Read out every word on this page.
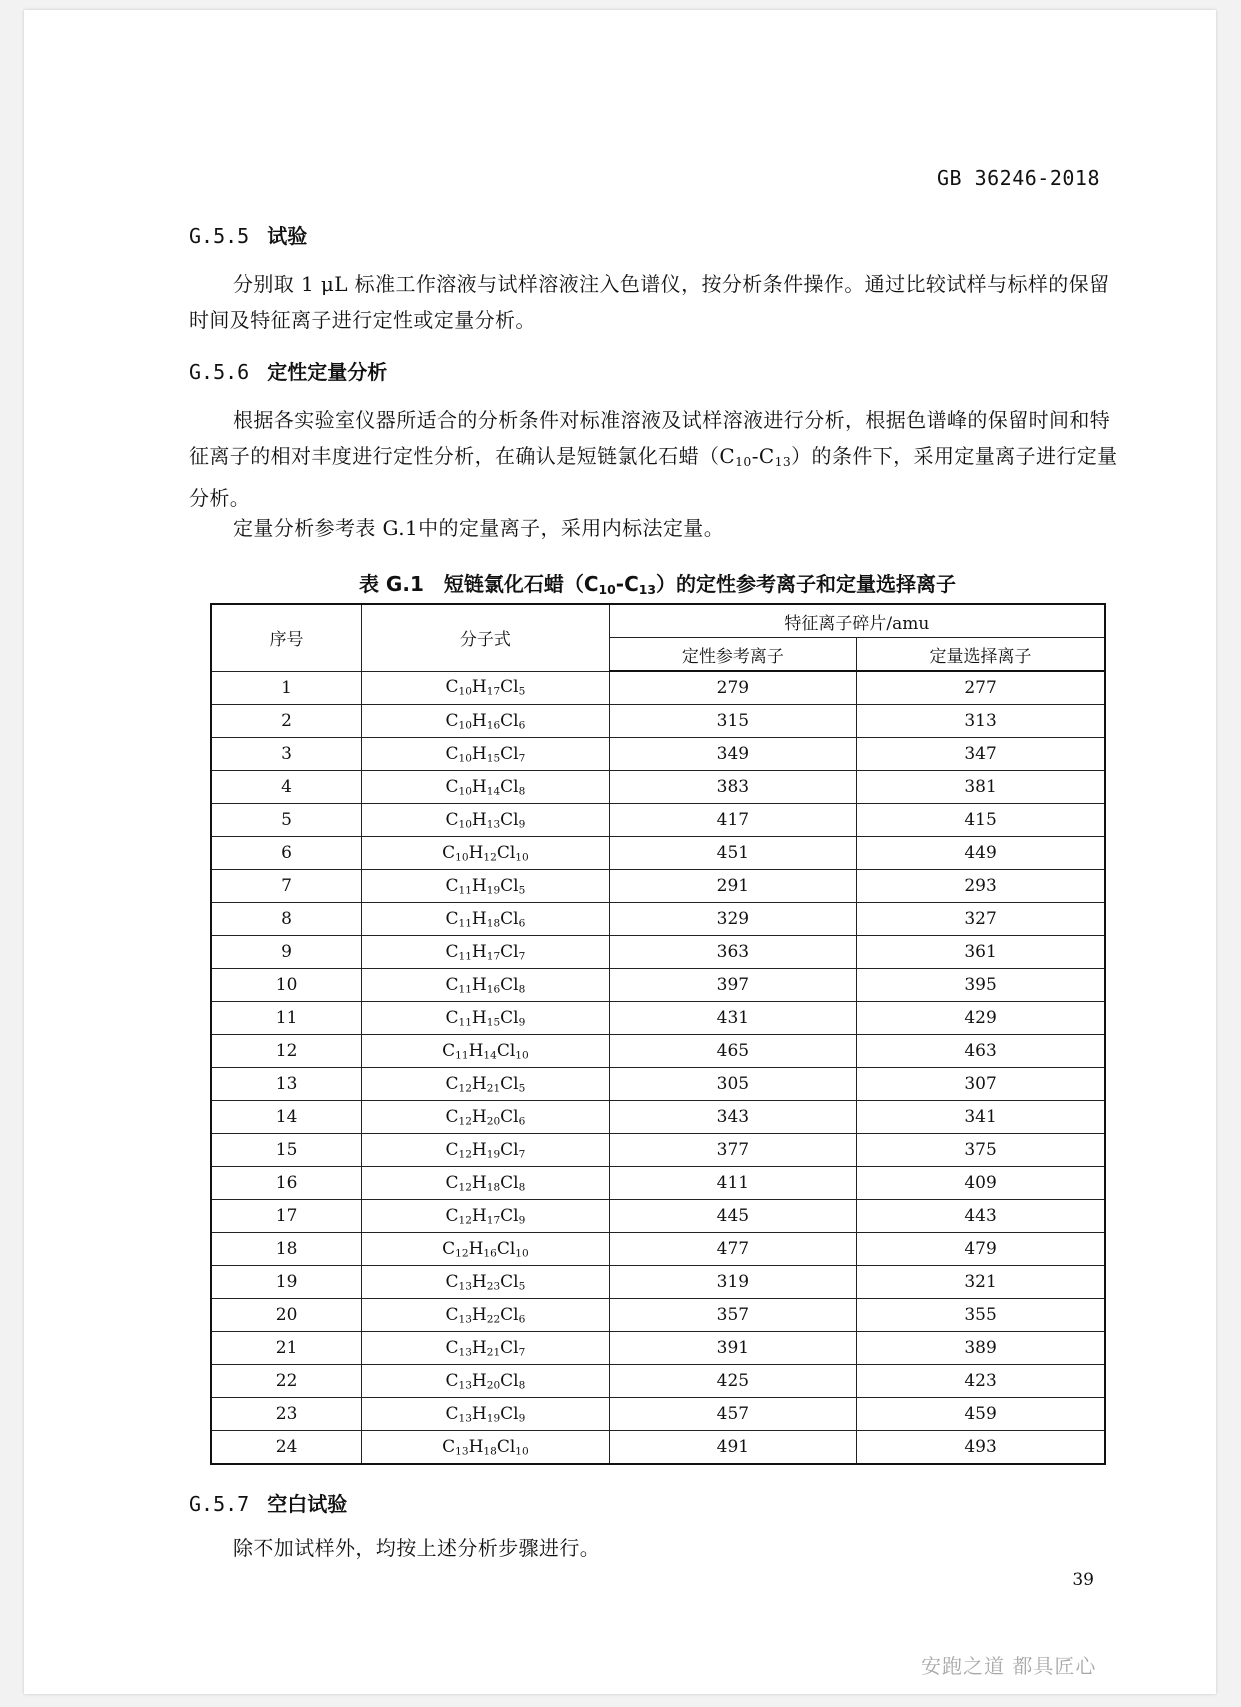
GB 36246-2018
G.5.5 试验
分别取 1 μL 标准工作溶液与试样溶液注入色谱仪，按分析条件操作。通过比较试样与标样的保留时间及特征离子进行定性或定量分析。
G.5.6 定性定量分析
根据各实验室仪器所适合的分析条件对标准溶液及试样溶液进行分析，根据色谱峰的保留时间和特征离子的相对丰度进行定性分析，在确认是短链氯化石蜡$(C_{10}-C_{13})$的条件下，采用定量离子进行定量分析。
定量分析参考表 G.1中的定量离子，采用内标法定量。
表 G.1　短链氯化石蜡$(C_{10}-C_{13})$的定性参考离子和定量选择离子
序号	分子式	特征离子碎片/amu	
		定性参考离子	定量选择离子
1	$C_{10}H_{17}Cl_5$	279	277
2	$C_{10}H_{16}Cl_6$	315	313
3	$C_{10}H_{15}Cl_7$	349	347
4	$C_{10}H_{14}Cl_8$	383	381
5	$C_{10}H_{13}Cl_9$	417	415
6	$C_{10}H_{12}Cl_{10}$	451	449
7	$C_{11}H_{19}Cl_5$	291	293
8	$C_{11}H_{18}Cl_6$	329	327
9	$C_{11}H_{17}Cl_7$	363	361
10	$C_{11}H_{16}Cl_8$	397	395
11	$C_{11}H_{15}Cl_9$	431	429
12	$C_{11}H_{14}Cl_{10}$	465	463
13	$C_{12}H_{21}Cl_5$	305	307
14	$C_{12}H_{20}Cl_6$	343	341
15	$C_{12}H_{19}Cl_7$	377	375
16	$C_{12}H_{18}Cl_8$	411	409
17	$C_{12}H_{17}Cl_9$	445	443
18	$C_{12}H_{16}Cl_{10}$	477	479
19	$C_{13}H_{23}Cl_5$	319	321
20	$C_{13}H_{22}Cl_6$	357	355
21	$C_{13}H_{21}Cl_7$	391	389
22	$C_{13}H_{20}Cl_8$	425	423
23	$C_{13}H_{19}Cl_9$	457	459
24	$C_{13}H_{18}Cl_{10}$	491	493
G.5.7 空白试验
除不加试样外，均按上述分析步骤进行。
39
安跑之道 都具匠心
